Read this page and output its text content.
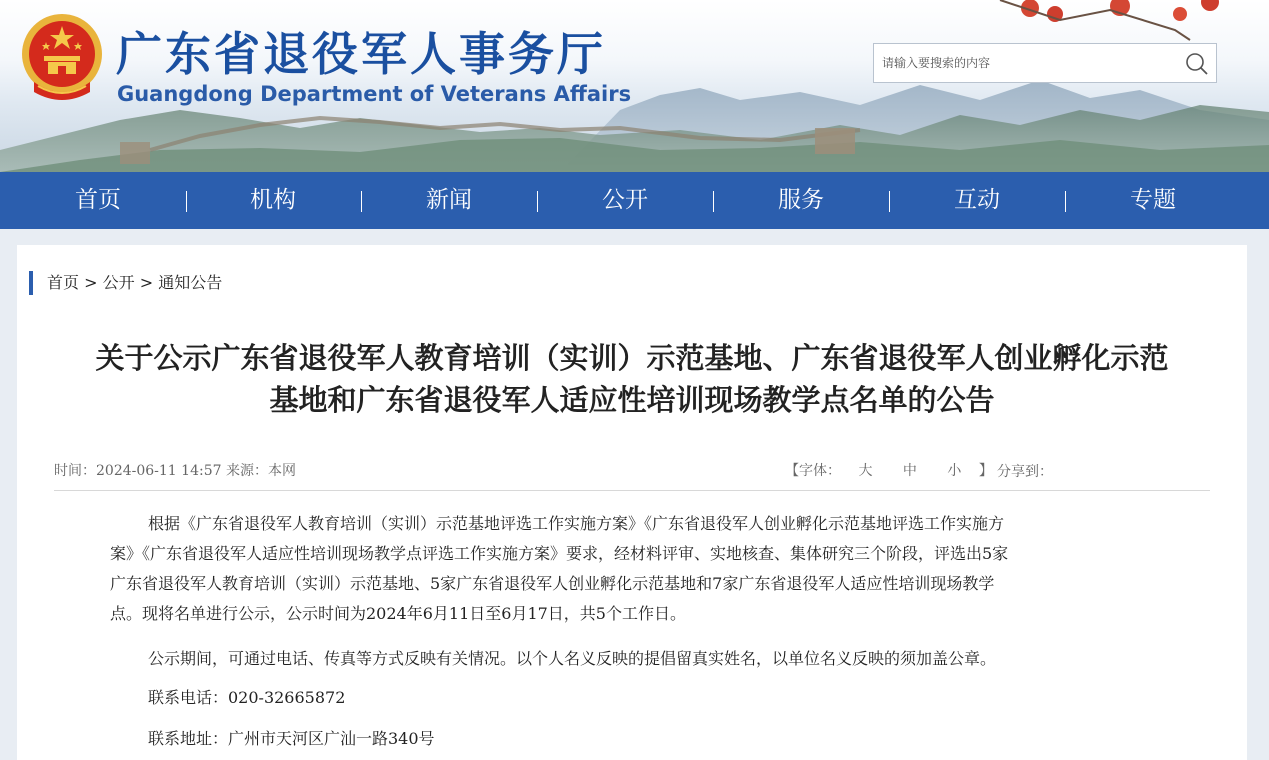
广东省退役军人事务厅
Guangdong Department of Veterans Affairs
请输入要搜索的内容
首页	机构	新闻	公开	服务	互动	专题
首页 > 公开 > 通知公告
关于公示广东省退役军人教育培训（实训）示范基地、广东省退役军人创业孵化示范
基地和广东省退役军人适应性培训现场教学点名单的公告
时间：2024-06-11 14:57 来源：本网	【字体： 大 中 小 】 分享到：
根据《广东省退役军人教育培训（实训）示范基地评选工作实施方案》《广东省退役军人创业孵化示范基地评选工作实施方
案》《广东省退役军人适应性培训现场教学点评选工作实施方案》要求，经材料评审、实地核查、集体研究三个阶段，评选出5家
广东省退役军人教育培训（实训）示范基地、5家广东省退役军人创业孵化示范基地和7家广东省退役军人适应性培训现场教学
点。现将名单进行公示，公示时间为2024年6月11日至6月17日，共5个工作日。
公示期间，可通过电话、传真等方式反映有关情况。以个人名义反映的提倡留真实姓名，以单位名义反映的须加盖公章。
联系电话：020-32665872
联系地址：广州市天河区广汕一路340号
